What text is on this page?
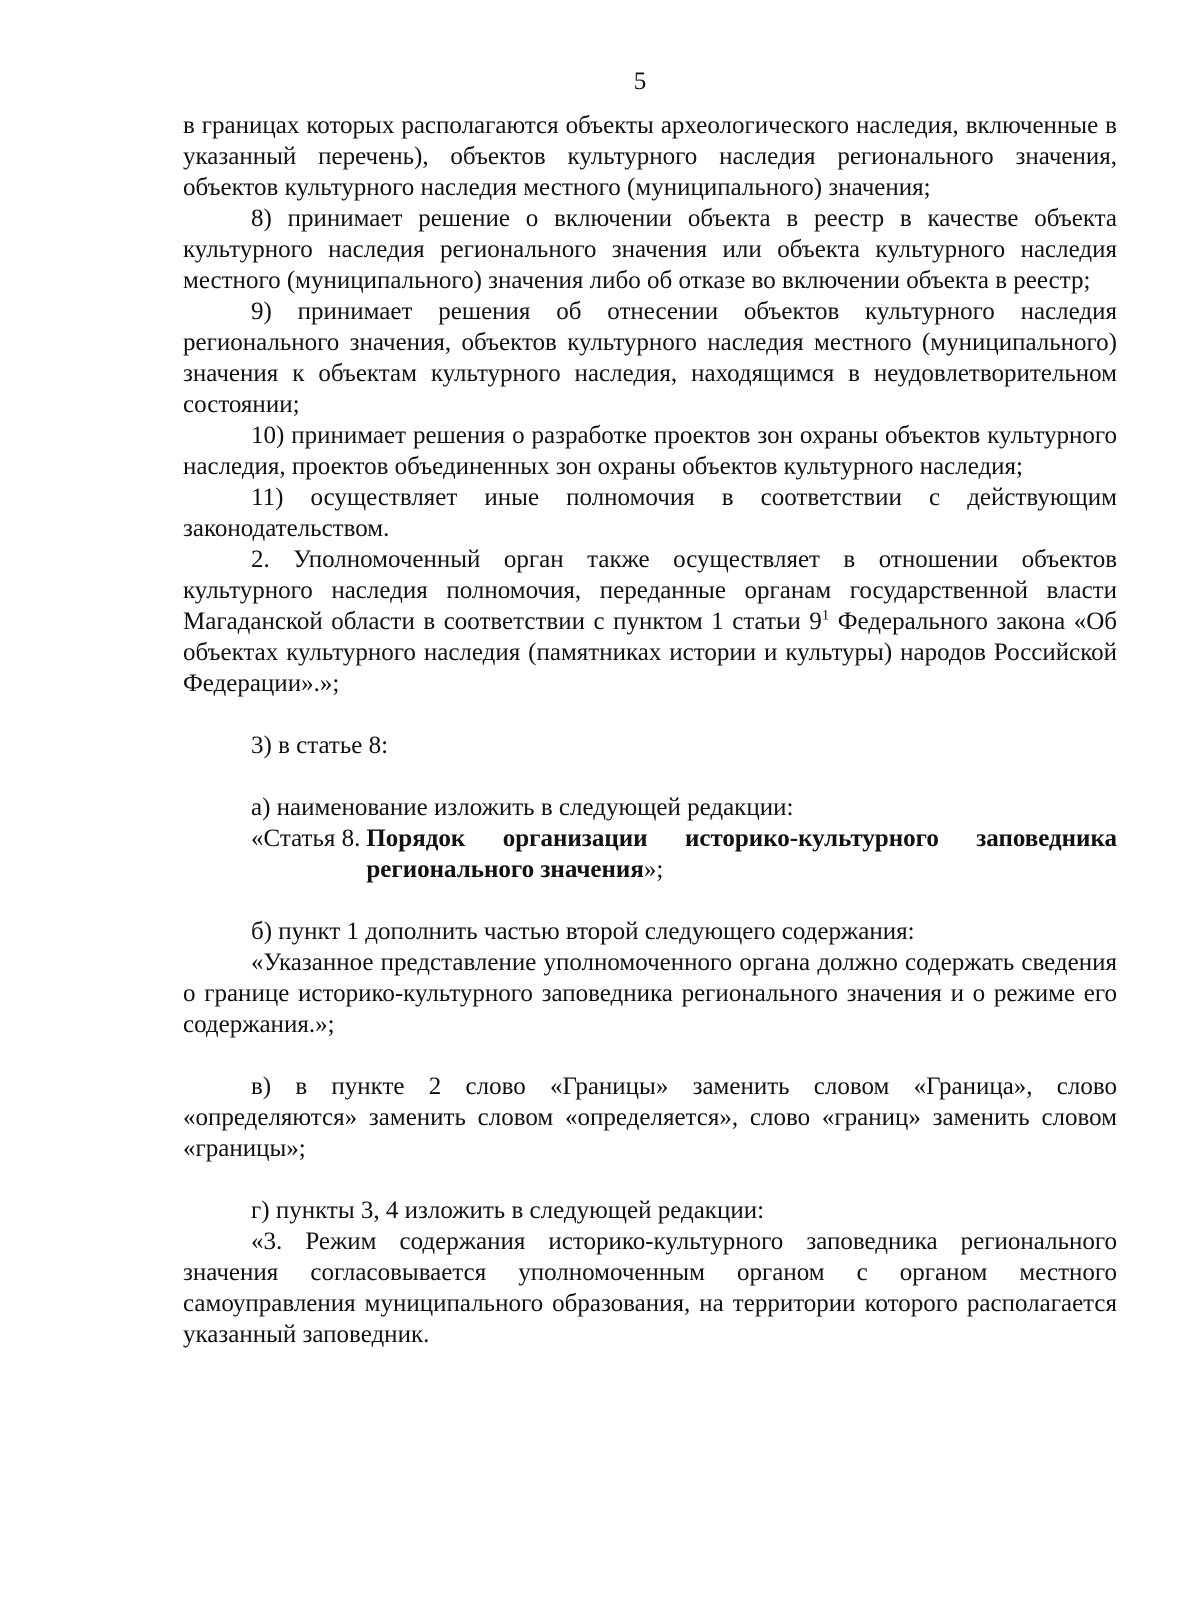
5

в границах которых располагаются объекты археологического наследия, включенные в указанный перечень), объектов культурного наследия регионального значения, объектов культурного наследия местного (муниципального) значения;

8) принимает решение о включении объекта в реестр в качестве объекта культурного наследия регионального значения или объекта культурного наследия местного (муниципального) значения либо об отказе во включении объекта в реестр;

9) принимает решения об отнесении объектов культурного наследия регионального значения, объектов культурного наследия местного (муниципального) значения к объектам культурного наследия, находящимся в неудовлетворительном состоянии;

10) принимает решения о разработке проектов зон охраны объектов культурного наследия, проектов объединенных зон охраны объектов культурного наследия;

11) осуществляет иные полномочия в соответствии с действующим законодательством.

2. Уполномоченный орган также осуществляет в отношении объектов культурного наследия полномочия, переданные органам государственной власти Магаданской области в соответствии с пунктом 1 статьи $9^1$ Федерального закона «Об объектах культурного наследия (памятниках истории и культуры) народов Российской Федерации».»;

3) в статье 8:

а) наименование изложить в следующей редакции:

«Статья 8. Порядок организации историко-культурного заповедника регионального значения»;

б) пункт 1 дополнить частью второй следующего содержания:

«Указанное представление уполномоченного органа должно содержать сведения о границе историко-культурного заповедника регионального значения и о режиме его содержания.»;

в) в пункте 2 слово «Границы» заменить словом «Граница», слово «определяются» заменить словом «определяется», слово «границ» заменить словом «границы»;

г) пункты 3, 4 изложить в следующей редакции:

«3. Режим содержания историко-культурного заповедника регионального значения согласовывается уполномоченным органом с органом местного самоуправления муниципального образования, на территории которого располагается указанный заповедник.
